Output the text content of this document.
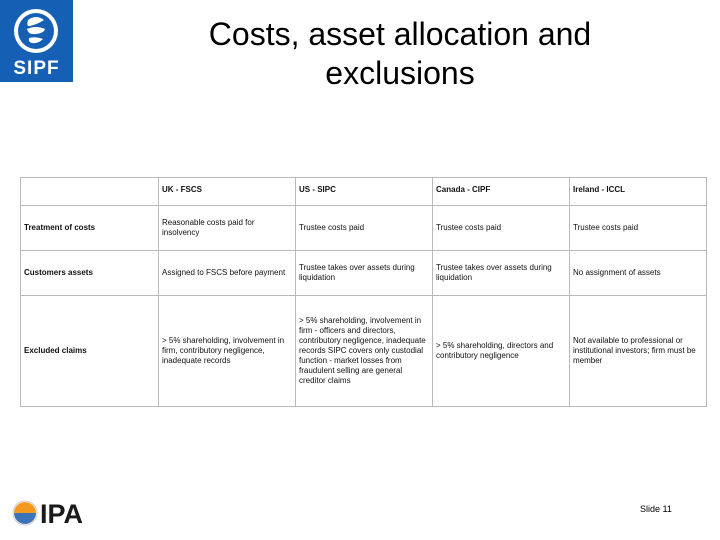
SIPF
Costs, asset allocation and
exclusions
	UK - FSCS	US - SIPC	Canada - CIPF	Ireland - ICCL
Treatment of costs	Reasonable costs paid for insolvency	Trustee costs paid	Trustee costs paid	Trustee costs paid
Customers assets	Assigned to FSCS before payment	Trustee takes over assets during liquidation	Trustee takes over assets during liquidation	No assignment of assets
Excluded claims	> 5% shareholding, involvement in firm, contributory negligence, inadequate records	> 5% shareholding, involvement in firm - officers and directors, contributory negligence, inadequate records SIPC covers only custodial function - market losses from fraudulent selling are general creditor claims	> 5% shareholding, directors and contributory negligence	Not available to professional or institutional investors; firm must be member
IPA	Slide 11
